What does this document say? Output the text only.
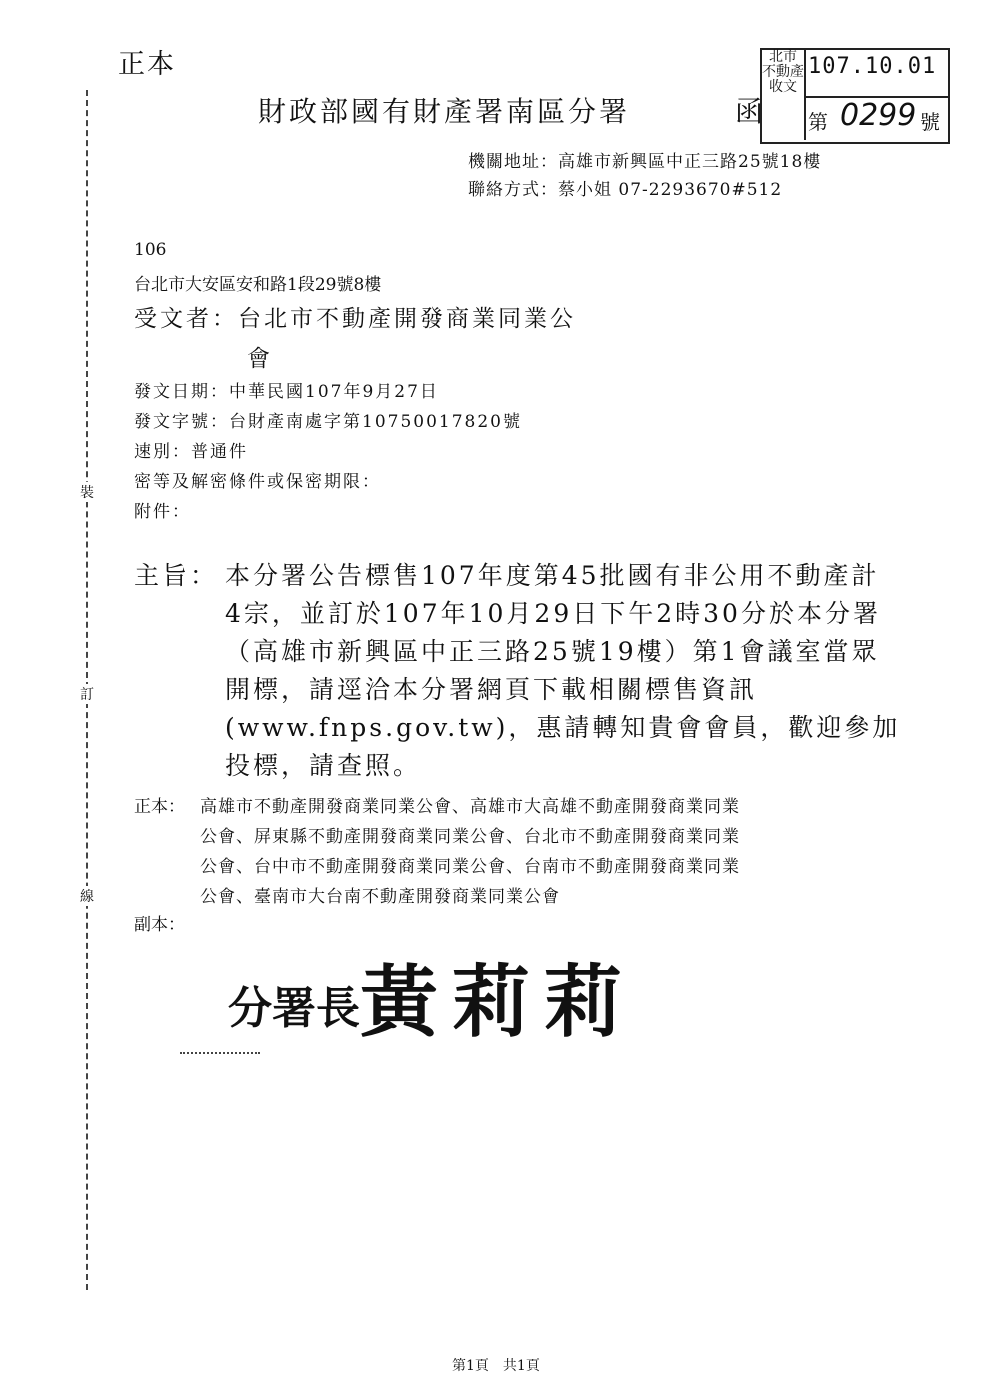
裝
訂
線
正本
財政部國有財產署南區分署	函
北市
不動產
收文
107.10.01
第 0299 號
機關地址：高雄市新興區中正三路25號18樓
聯絡方式：蔡小姐 07-2293670#512
106
台北市大安區安和路1段29號8樓
受文者：台北市不動產開發商業同業公
會
發文日期：中華民國107年9月27日
發文字號：台財產南處字第10750017820號
速別：普通件
密等及解密條件或保密期限：
附件：
主旨： 本分署公告標售107年度第45批國有非公用不動產計
4宗，並訂於107年10月29日下午2時30分於本分署
（高雄市新興區中正三路25號19樓）第1會議室當眾
開標，請逕洽本分署網頁下載相關標售資訊
(www.fnps.gov.tw)，惠請轉知貴會會員，歡迎參加
投標，請查照。
正本： 高雄市不動產開發商業同業公會、高雄市大高雄不動產開發商業同業
公會、屏東縣不動產開發商業同業公會、台北市不動產開發商業同業
公會、台中市不動產開發商業同業公會、台南市不動產開發商業同業
公會、臺南市大台南不動產開發商業同業公會
副本：
分署長 黃莉莉
第1頁　共1頁
